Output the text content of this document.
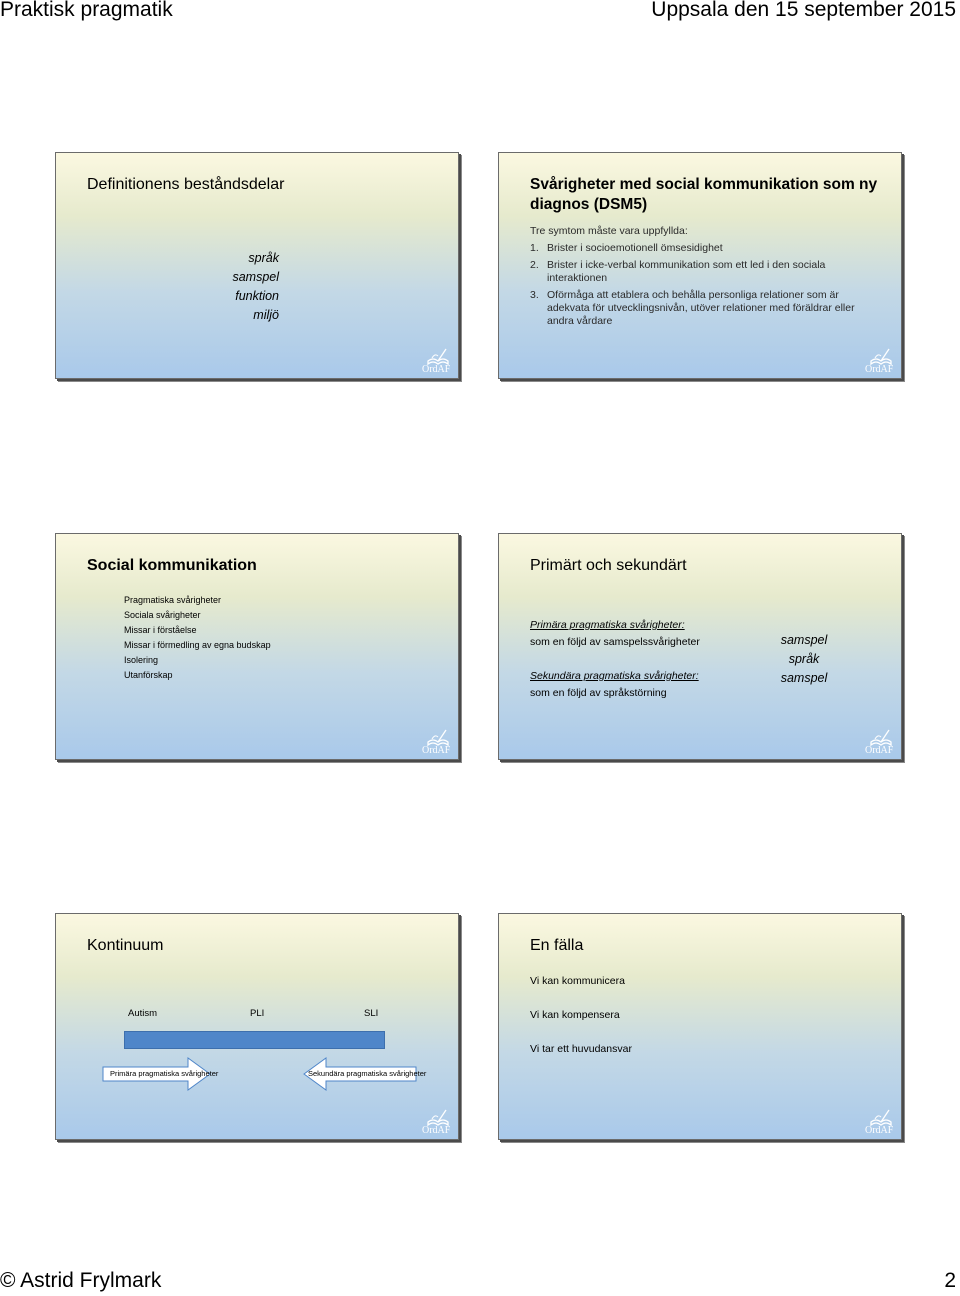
Praktisk pragmatik	Uppsala den 15 september 2015
Definitionens beståndsdelar
språk
samspel
funktion
miljö
OrdAF
Svårigheter med social kommunikation som ny diagnos (DSM5)
Tre symtom måste vara uppfyllda:
1. Brister i socioemotionell ömsesidighet
2. Brister i icke-verbal kommunikation som ett led i den sociala interaktionen
3. Oförmåga att etablera och behålla personliga relationer som är adekvata för utvecklingsnivån, utöver relationer med föräldrar eller andra vårdare
OrdAF
Social kommunikation
Pragmatiska svårigheter
Sociala svårigheter
Missar i förståelse
Missar i förmedling av egna budskap
Isolering
Utanförskap
OrdAF
Primärt och sekundärt
Primära pragmatiska svårigheter:
som en följd av samspelssvårigheter
Sekundära pragmatiska svårigheter:
som en följd av språkstörning
samspel
språk
samspel
OrdAF
Kontinuum
Autism	PLI	SLI
Primära pragmatiska svårigheter	Sekundära pragmatiska svårigheter
OrdAF
En fälla
Vi kan kommunicera
Vi kan kompensera
Vi tar ett huvudansvar
OrdAF
© Astrid Frylmark	2
